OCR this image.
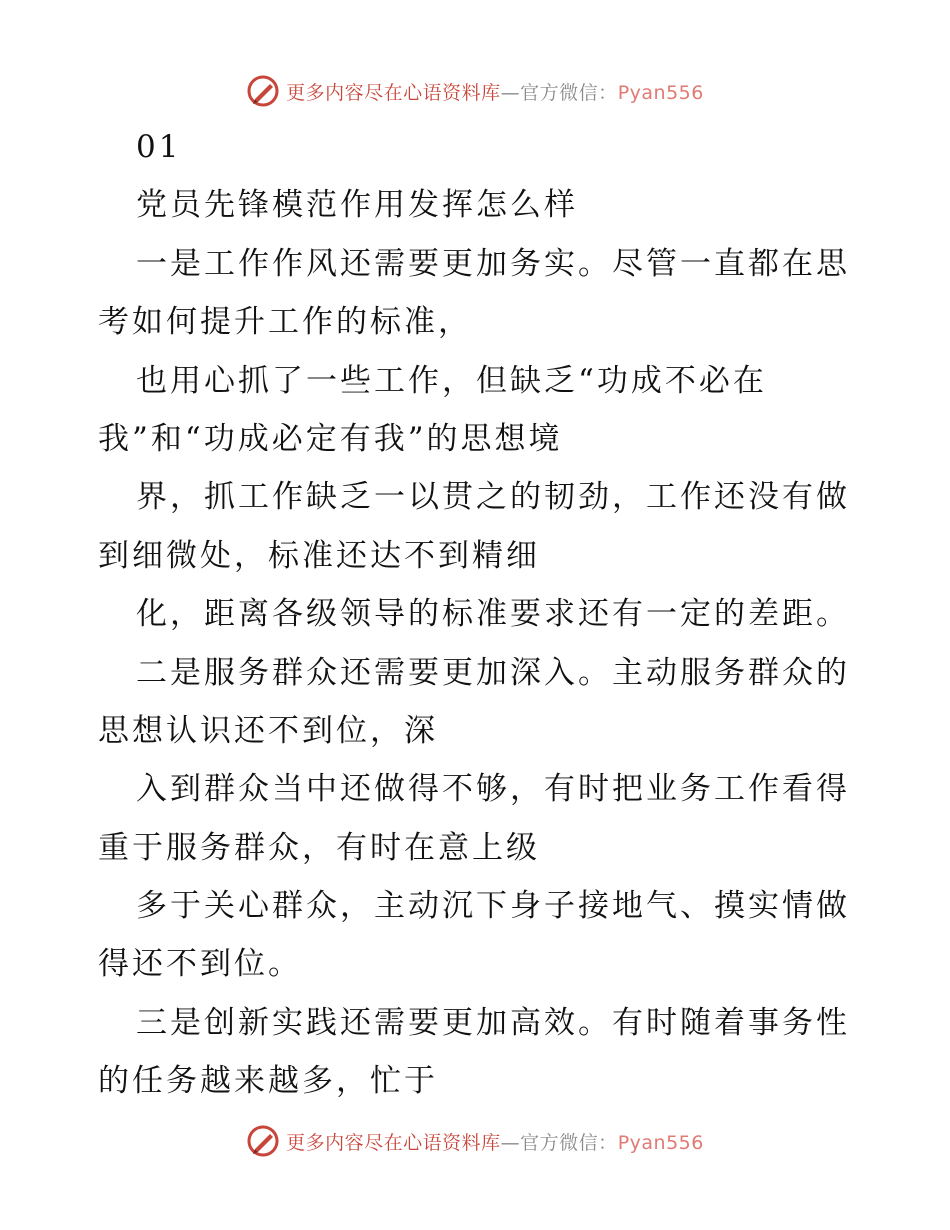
更多内容尽在心语资料库—官方微信：Pyan556
01
党员先锋模范作用发挥怎么样
一是工作作风还需要更加务实。尽管一直都在思
考如何提升工作的标准，
也用心抓了一些工作，但缺乏“功成不必在
我”和“功成必定有我”的思想境
界，抓工作缺乏一以贯之的韧劲，工作还没有做
到细微处，标准还达不到精细
化，距离各级领导的标准要求还有一定的差距。
二是服务群众还需要更加深入。主动服务群众的
思想认识还不到位，深
入到群众当中还做得不够，有时把业务工作看得
重于服务群众，有时在意上级
多于关心群众，主动沉下身子接地气、摸实情做
得还不到位。
三是创新实践还需要更加高效。有时随着事务性
的任务越来越多，忙于
更多内容尽在心语资料库—官方微信：Pyan556
